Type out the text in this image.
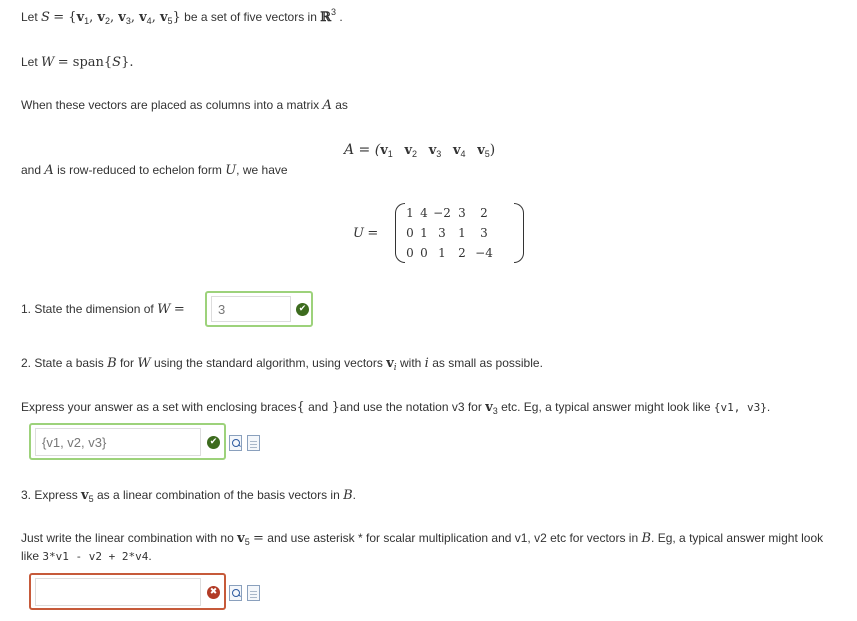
Let $S = \{v_1$, $v_2$, $v_3$, $v_4$, $v_5$} be a set of five vectors in ℝ$^3$ .
Let W = span{S}.
When these vectors are placed as columns into a matrix A as
$A = (v_1$ $v_2$ $v_3$ $v_4$ $v_5$)
and A is row-reduced to echelon form U, we have
U =
1 4 −2 3	2
0 1 3	1	3
0 0 1	2 −4
1. State the dimension of W =
3	✔
2. State a basis B for W using the standard algorithm, using vectors $v_i$ with i as small as possible.
Express your answer as a set with enclosing braces{ and }and use the notation v3 for $v_3$ etc. Eg, a typical answer might look like {v1, v3}.
{v1, v2, v3}
✔
3. Express $v_5$ as a linear combination of the basis vectors in B.
Just write the linear combination with no $v_5$ = and use asterisk * for scalar multiplication and v1, v2 etc for vectors in B. Eg, a typical answer might look
like 3*v1 - v2 + 2*v4.
✖
